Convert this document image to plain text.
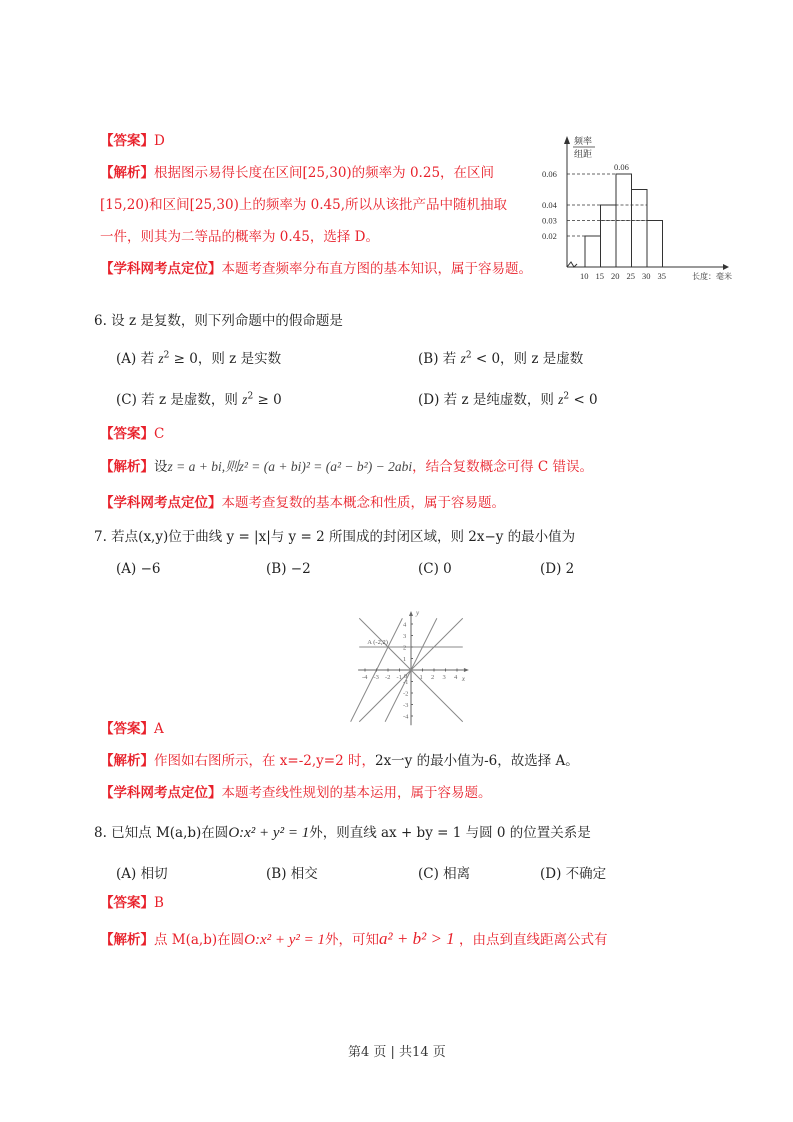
【答案】D
【解析】根据图示易得长度在区间[25,30)的频率为 0.25，在区间
[15,20)和区间[25,30)上的频率为 0.45,所以从该批产品中随机抽取
一件，则其为二等品的概率为 0.45，选择 D。
【学科网考点定位】本题考查频率分布直方图的基本知识，属于容易题。
频率
组距
0.06
0.04
0.03
0.02
0.06
10 15 20 25 30 35	长度：毫米
6. 设 z 是复数，则下列命题中的假命题是
(A) 若 $z^2 \ge 0$，则 z 是实数	(B) 若 $z^2 < 0$，则 z 是虚数
(C) 若 z 是虚数，则 $z^2 \ge 0$	(D) 若 z 是纯虚数，则 $z^2 < 0$
【答案】C
【解析】设z = a + bi,则z² = (a + bi)² = (a² − b²) − 2abi，结合复数概念可得 C 错误。
【学科网考点定位】本题考查复数的基本概念和性质，属于容易题。
7. 若点(x,y)位于曲线 y = |x|与 y = 2 所围成的封闭区域，则 2x−y 的最小值为
(A) −6	(B) −2	(C) 0	(D) 2
-4 -3 -2 -1	1 2 3 4
0
-4
-3
-2
-1
1
2
3
4
x
y
A (-2,2)
【答案】A
【解析】作图如右图所示，在 x=-2,y=2 时，2x一y 的最小值为-6，故选择 A。
【学科网考点定位】本题考查线性规划的基本运用，属于容易题。
8. 已知点 M(a,b)在圆O:x² + y² = 1外，则直线 ax + by = 1 与圆 0 的位置关系是
(A) 相切	(B) 相交	(C) 相离	(D) 不确定
【答案】B
【解析】点 M(a,b)在圆O:x² + y² = 1外，可知a² + b² > 1 ，由点到直线距离公式有
第4 页 | 共14 页
